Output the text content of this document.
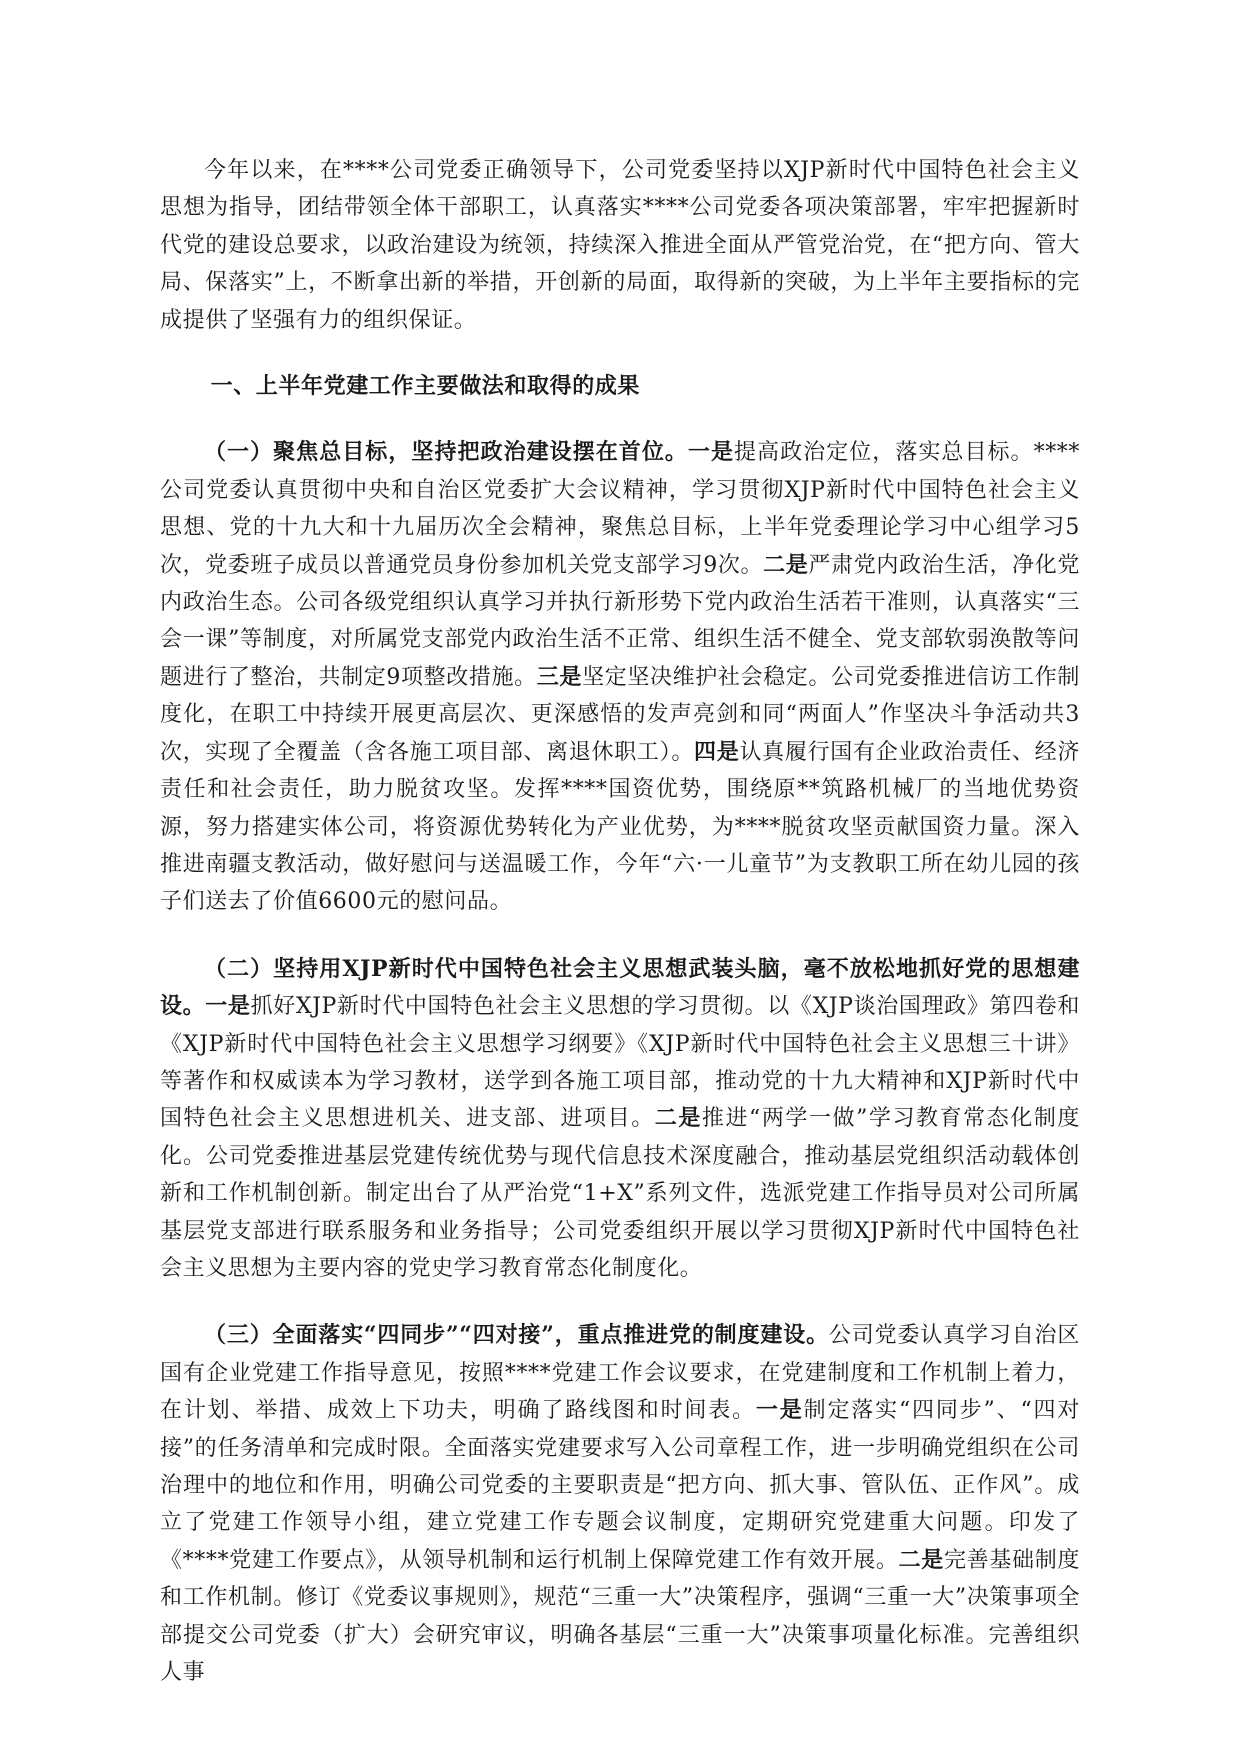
今年以来，在****公司党委正确领导下，公司党委坚持以XJP新时代中国特色社会主义思想为指导，团结带领全体干部职工，认真落实****公司党委各项决策部署，牢牢把握新时代党的建设总要求，以政治建设为统领，持续深入推进全面从严管党治党，在“把方向、管大局、保落实”上，不断拿出新的举措，开创新的局面，取得新的突破，为上半年主要指标的完成提供了坚强有力的组织保证。

一、上半年党建工作主要做法和取得的成果

（一）聚焦总目标，坚持把政治建设摆在首位。一是提高政治定位，落实总目标。****公司党委认真贯彻中央和自治区党委扩大会议精神，学习贯彻XJP新时代中国特色社会主义思想、党的十九大和十九届历次全会精神，聚焦总目标，上半年党委理论学习中心组学习5次，党委班子成员以普通党员身份参加机关党支部学习9次。二是严肃党内政治生活，净化党内政治生态。公司各级党组织认真学习并执行新形势下党内政治生活若干准则，认真落实“三会一课”等制度，对所属党支部党内政治生活不正常、组织生活不健全、党支部软弱涣散等问题进行了整治，共制定9项整改措施。三是坚定坚决维护社会稳定。公司党委推进信访工作制度化，在职工中持续开展更高层次、更深感悟的发声亮剑和同“两面人”作坚决斗争活动共3次，实现了全覆盖（含各施工项目部、离退休职工）。四是认真履行国有企业政治责任、经济责任和社会责任，助力脱贫攻坚。发挥****国资优势，围绕原**筑路机械厂的当地优势资源，努力搭建实体公司，将资源优势转化为产业优势，为****脱贫攻坚贡献国资力量。深入推进南疆支教活动，做好慰问与送温暖工作，今年“六·一儿童节”为支教职工所在幼儿园的孩子们送去了价值6600元的慰问品。

（二）坚持用XJP新时代中国特色社会主义思想武装头脑，毫不放松地抓好党的思想建设。一是抓好XJP新时代中国特色社会主义思想的学习贯彻。以《XJP谈治国理政》第四卷和《XJP新时代中国特色社会主义思想学习纲要》《XJP新时代中国特色社会主义思想三十讲》等著作和权威读本为学习教材，送学到各施工项目部，推动党的十九大精神和XJP新时代中国特色社会主义思想进机关、进支部、进项目。二是推进“两学一做”学习教育常态化制度化。公司党委推进基层党建传统优势与现代信息技术深度融合，推动基层党组织活动载体创新和工作机制创新。制定出台了从严治党“1+X”系列文件，选派党建工作指导员对公司所属基层党支部进行联系服务和业务指导；公司党委组织开展以学习贯彻XJP新时代中国特色社会主义思想为主要内容的党史学习教育常态化制度化。

（三）全面落实“四同步”“四对接”，重点推进党的制度建设。公司党委认真学习自治区国有企业党建工作指导意见，按照****党建工作会议要求，在党建制度和工作机制上着力，在计划、举措、成效上下功夫，明确了路线图和时间表。一是制定落实“四同步”、“四对接”的任务清单和完成时限。全面落实党建要求写入公司章程工作，进一步明确党组织在公司治理中的地位和作用，明确公司党委的主要职责是“把方向、抓大事、管队伍、正作风”。成立了党建工作领导小组，建立党建工作专题会议制度，定期研究党建重大问题。印发了《****党建工作要点》，从领导机制和运行机制上保障党建工作有效开展。二是完善基础制度和工作机制。修订《党委议事规则》，规范“三重一大”决策程序，强调“三重一大”决策事项全部提交公司党委（扩大）会研究审议，明确各基层“三重一大”决策事项量化标准。完善组织人事
